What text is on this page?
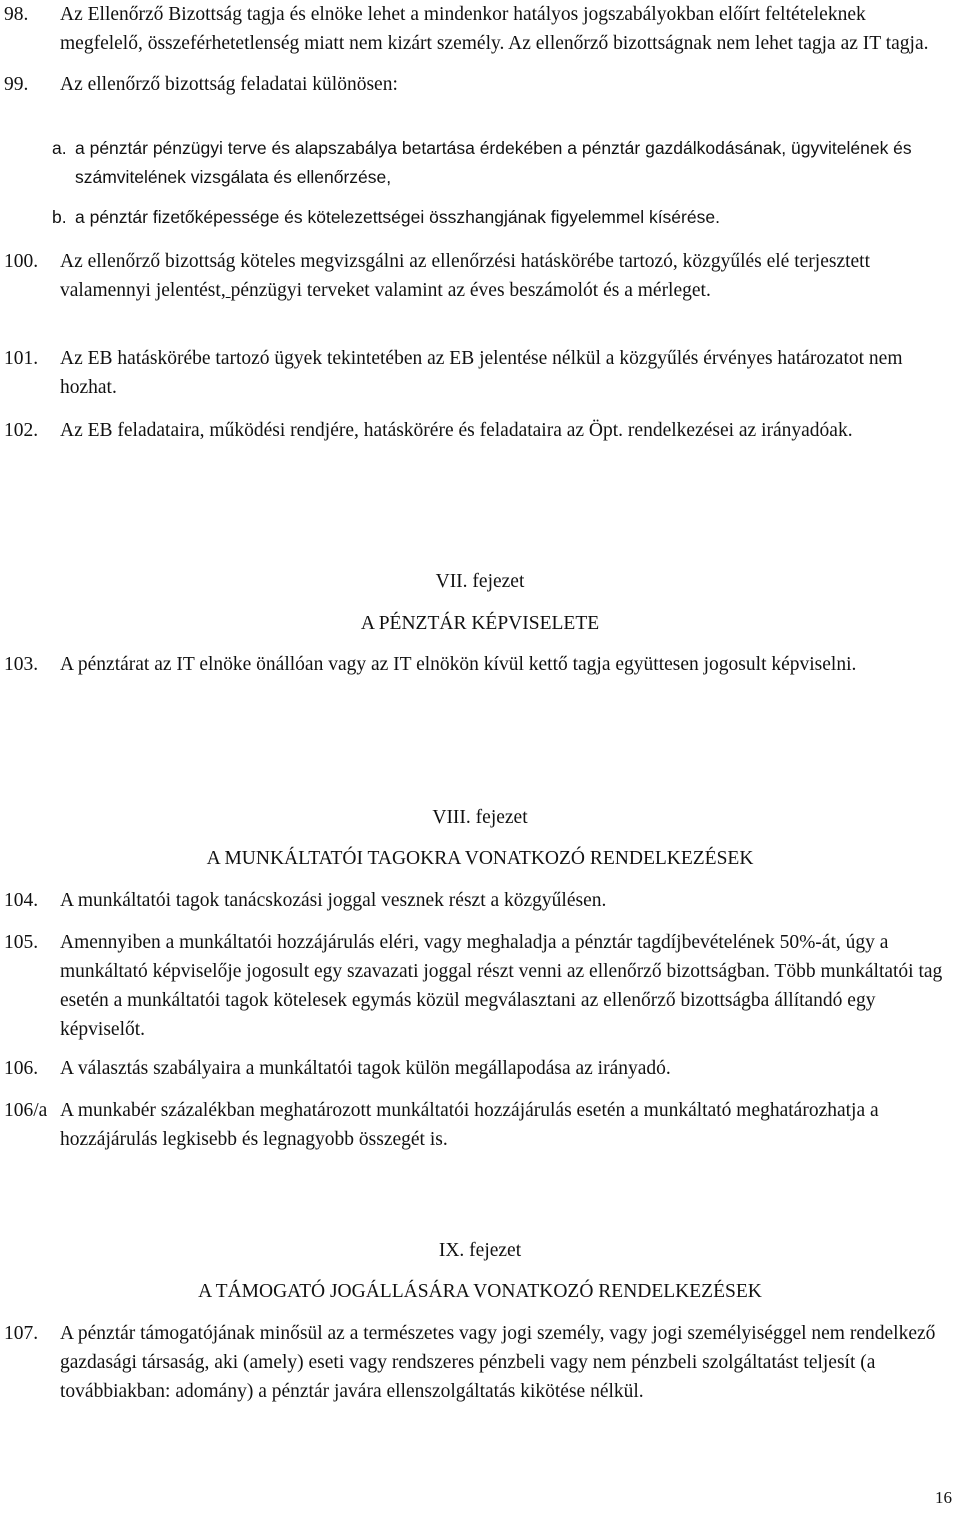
98. Az Ellenőrző Bizottság tagja és elnöke lehet a mindenkor hatályos jogszabályokban előírt feltételeknek megfelelő, összeférhetetlenség miatt nem kizárt személy. Az ellenőrző bizottságnak nem lehet tagja az IT tagja.
99. Az ellenőrző bizottság feladatai különösen:
a. a pénztár pénzügyi terve és alapszabálya betartása érdekében a pénztár gazdálkodásának, ügyvitelének és számvitelének vizsgálata és ellenőrzése,
b. a pénztár fizetőképessége és kötelezettségei összhangjának figyelemmel kísérése.
100. Az ellenőrző bizottság köteles megvizsgálni az ellenőrzési hatáskörébe tartozó, közgyűlés elé terjesztett valamennyi jelentést, pénzügyi terveket valamint az éves beszámolót és a mérleget.
101. Az EB hatáskörébe tartozó ügyek tekintetében az EB jelentése nélkül a közgyűlés érvényes határozatot nem hozhat.
102. Az EB feladataira, működési rendjére, hatáskörére és feladataira az Öpt. rendelkezései az irányadóak.
VII. fejezet
A PÉNZTÁR KÉPVISELETE
103. A pénztárat az IT elnöke önállóan vagy az IT elnökön kívül kettő tagja együttesen jogosult képviselni.
VIII. fejezet
A MUNKÁLTATÓI TAGOKRA VONATKOZÓ RENDELKEZÉSEK
104. A munkáltatói tagok tanácskozási joggal vesznek részt a közgyűlésen.
105. Amennyiben a munkáltatói hozzájárulás eléri, vagy meghaladja a pénztár tagdíjbevételének 50%-át, úgy a munkáltató képviselője jogosult egy szavazati joggal részt venni az ellenőrző bizottságban. Több munkáltatói tag esetén a munkáltatói tagok kötelesek egymás közül megválasztani az ellenőrző bizottságba állítandó egy képviselőt.
106. A választás szabályaira a munkáltatói tagok külön megállapodása az irányadó.
106/a A munkabér százalékban meghatározott munkáltatói hozzájárulás esetén a munkáltató meghatározhatja a hozzájárulás legkisebb és legnagyobb összegét is.
IX. fejezet
A TÁMOGATÓ JOGÁLLÁSÁRA VONATKOZÓ RENDELKEZÉSEK
107. A pénztár támogatójának minősül az a természetes vagy jogi személy, vagy jogi személyiséggel nem rendelkező gazdasági társaság, aki (amely) eseti vagy rendszeres pénzbeli vagy nem pénzbeli szolgáltatást teljesít (a továbbiakban: adomány) a pénztár javára ellenszolgáltatás kikötése nélkül.
16
